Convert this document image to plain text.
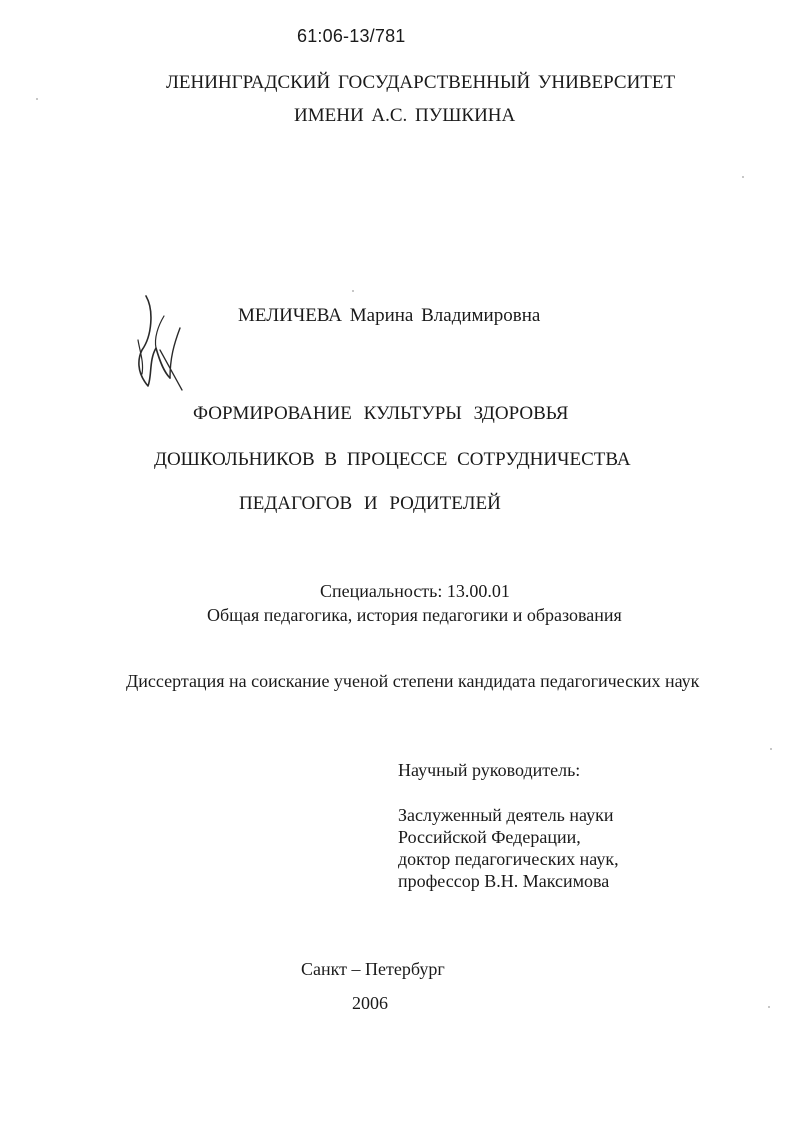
61:06-13/781
ЛЕНИНГРАДСКИЙ ГОСУДАРСТВЕННЫЙ УНИВЕРСИТЕТ
ИМЕНИ А.С. ПУШКИНА
МЕЛИЧЕВА Марина Владимировна
ФОРМИРОВАНИЕ КУЛЬТУРЫ ЗДОРОВЬЯ
ДОШКОЛЬНИКОВ В ПРОЦЕССЕ СОТРУДНИЧЕСТВА
ПЕДАГОГОВ И РОДИТЕЛЕЙ
Специальность: 13.00.01
Общая педагогика, история педагогики и образования
Диссертация на соискание ученой степени кандидата педагогических наук
Научный руководитель:
Заслуженный деятель науки
Российской Федерации,
доктор педагогических наук,
профессор В.Н. Максимова
Санкт – Петербург
2006
